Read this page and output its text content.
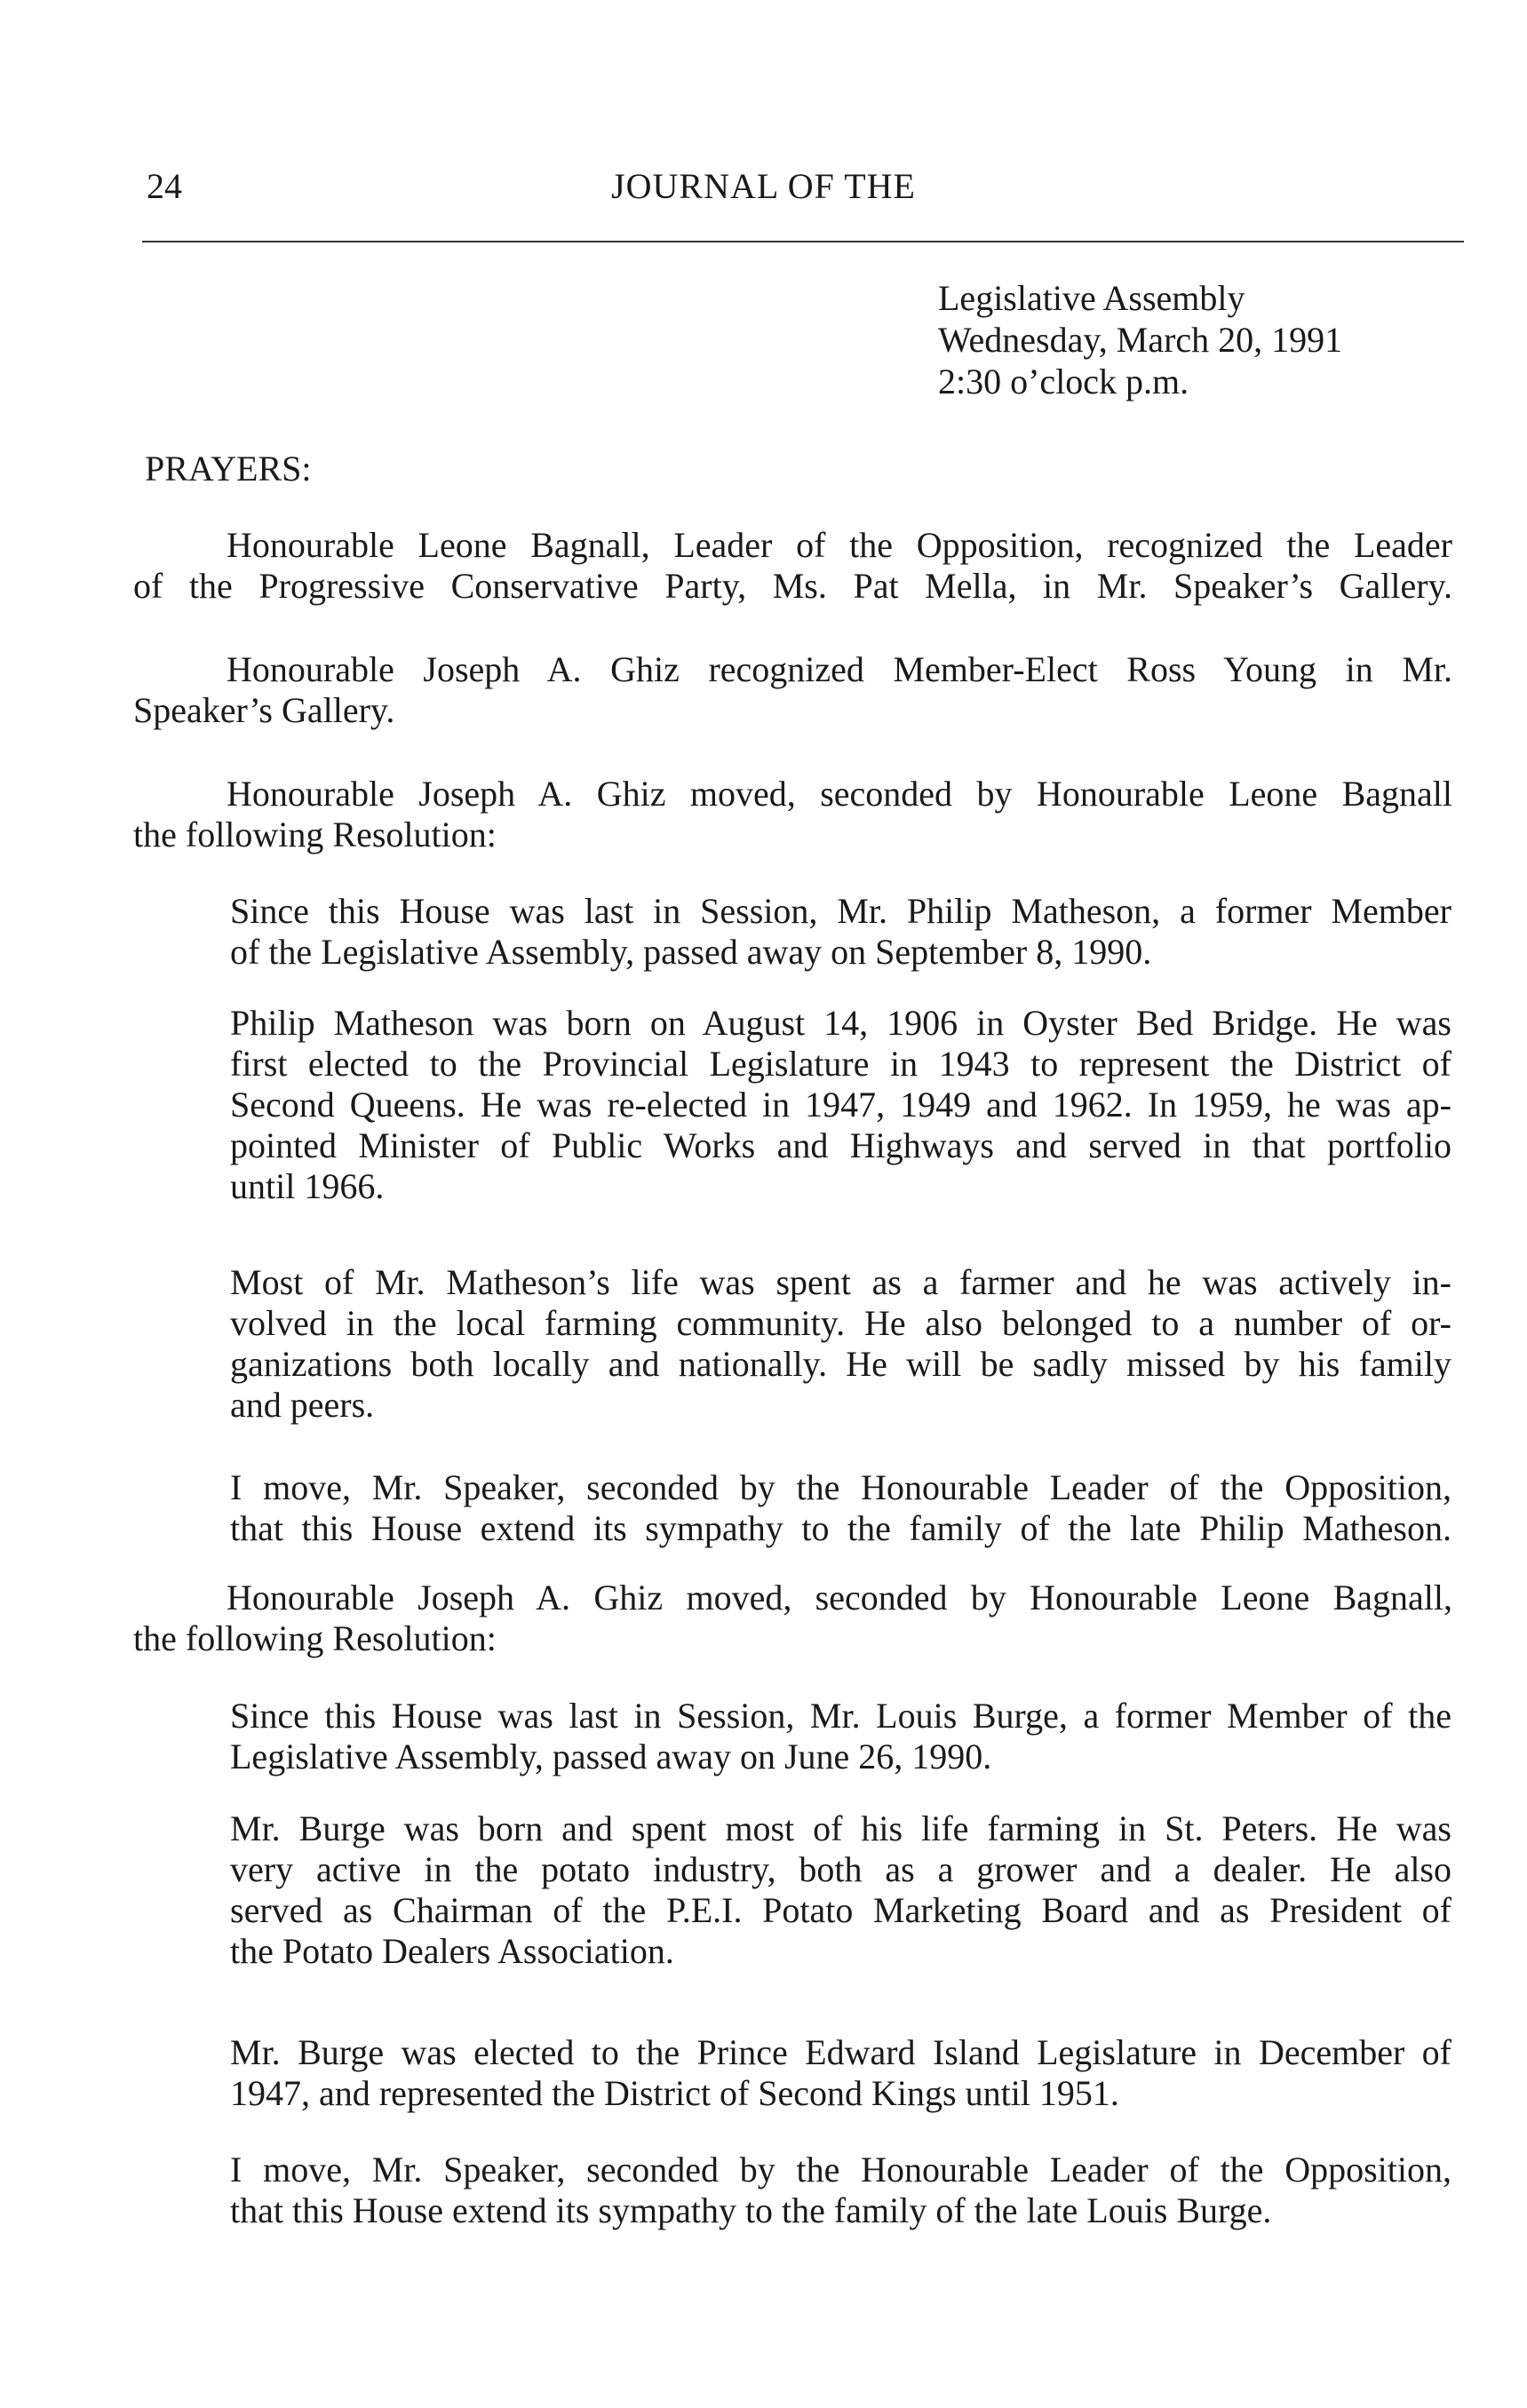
24	JOURNAL OF THE
Legislative Assembly
Wednesday, March 20, 1991
2:30 o’clock p.m.
PRAYERS:
Honourable Leone Bagnall, Leader of the Opposition, recognized the Leader
of the Progressive Conservative Party, Ms. Pat Mella, in Mr. Speaker’s Gallery.
Honourable Joseph A. Ghiz recognized Member-Elect Ross Young in Mr.
Speaker’s Gallery.
Honourable Joseph A. Ghiz moved, seconded by Honourable Leone Bagnall
the following Resolution:
Since this House was last in Session, Mr. Philip Matheson, a former Member
of the Legislative Assembly, passed away on September 8, 1990.
Philip Matheson was born on August 14, 1906 in Oyster Bed Bridge. He was
first elected to the Provincial Legislature in 1943 to represent the District of
Second Queens. He was re-elected in 1947, 1949 and 1962. In 1959, he was ap-
pointed Minister of Public Works and Highways and served in that portfolio
until 1966.
Most of Mr. Matheson’s life was spent as a farmer and he was actively in-
volved in the local farming community. He also belonged to a number of or-
ganizations both locally and nationally. He will be sadly missed by his family
and peers.
I move, Mr. Speaker, seconded by the Honourable Leader of the Opposition,
that this House extend its sympathy to the family of the late Philip Matheson.
Honourable Joseph A. Ghiz moved, seconded by Honourable Leone Bagnall,
the following Resolution:
Since this House was last in Session, Mr. Louis Burge, a former Member of the
Legislative Assembly, passed away on June 26, 1990.
Mr. Burge was born and spent most of his life farming in St. Peters. He was
very active in the potato industry, both as a grower and a dealer. He also
served as Chairman of the P.E.I. Potato Marketing Board and as President of
the Potato Dealers Association.
Mr. Burge was elected to the Prince Edward Island Legislature in December of
1947, and represented the District of Second Kings until 1951.
I move, Mr. Speaker, seconded by the Honourable Leader of the Opposition,
that this House extend its sympathy to the family of the late Louis Burge.
